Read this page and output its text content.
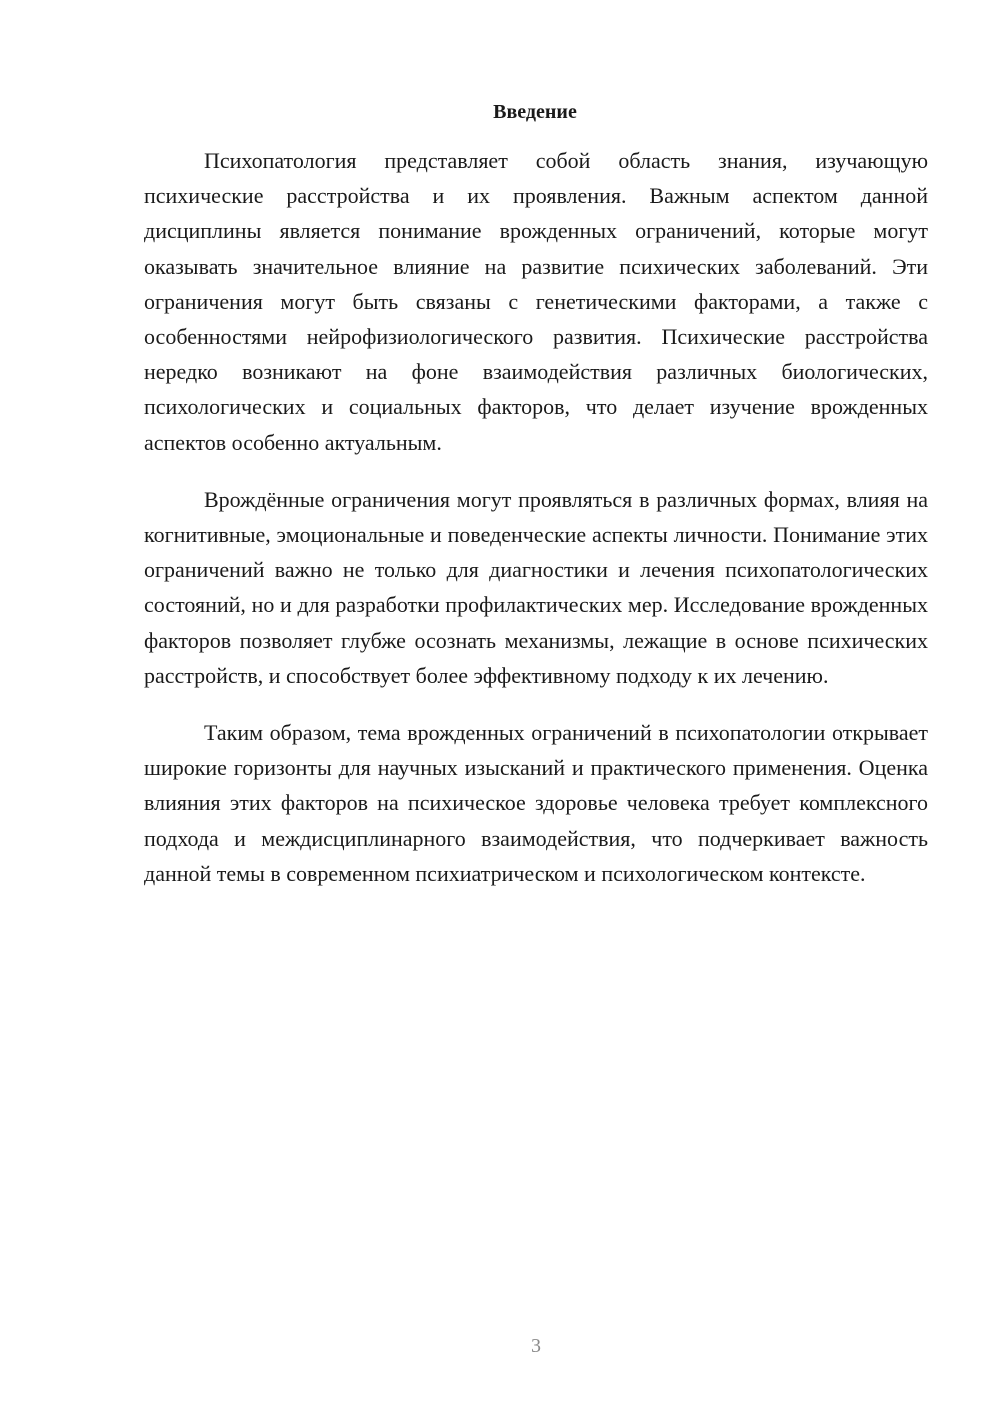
Введение

Психопатология представляет собой область знания, изучающую психические расстройства и их проявления. Важным аспектом данной дисциплины является понимание врожденных ограничений, которые могут оказывать значительное влияние на развитие психических заболеваний. Эти ограничения могут быть связаны с генетическими факторами, а также с особенностями нейрофизиологического развития. Психические расстройства нередко возникают на фоне взаимодействия различных биологических, психологических и социальных факторов, что делает изучение врожденных аспектов особенно актуальным.

Врождённые ограничения могут проявляться в различных формах, влияя на когнитивные, эмоциональные и поведенческие аспекты личности. Понимание этих ограничений важно не только для диагностики и лечения психопатологических состояний, но и для разработки профилактических мер. Исследование врожденных факторов позволяет глубже осознать механизмы, лежащие в основе психических расстройств, и способствует более эффективному подходу к их лечению.

Таким образом, тема врожденных ограничений в психопатологии открывает широкие горизонты для научных изысканий и практического применения. Оценка влияния этих факторов на психическое здоровье человека требует комплексного подхода и междисциплинарного взаимодействия, что подчеркивает важность данной темы в современном психиатрическом и психологическом контексте.

3
